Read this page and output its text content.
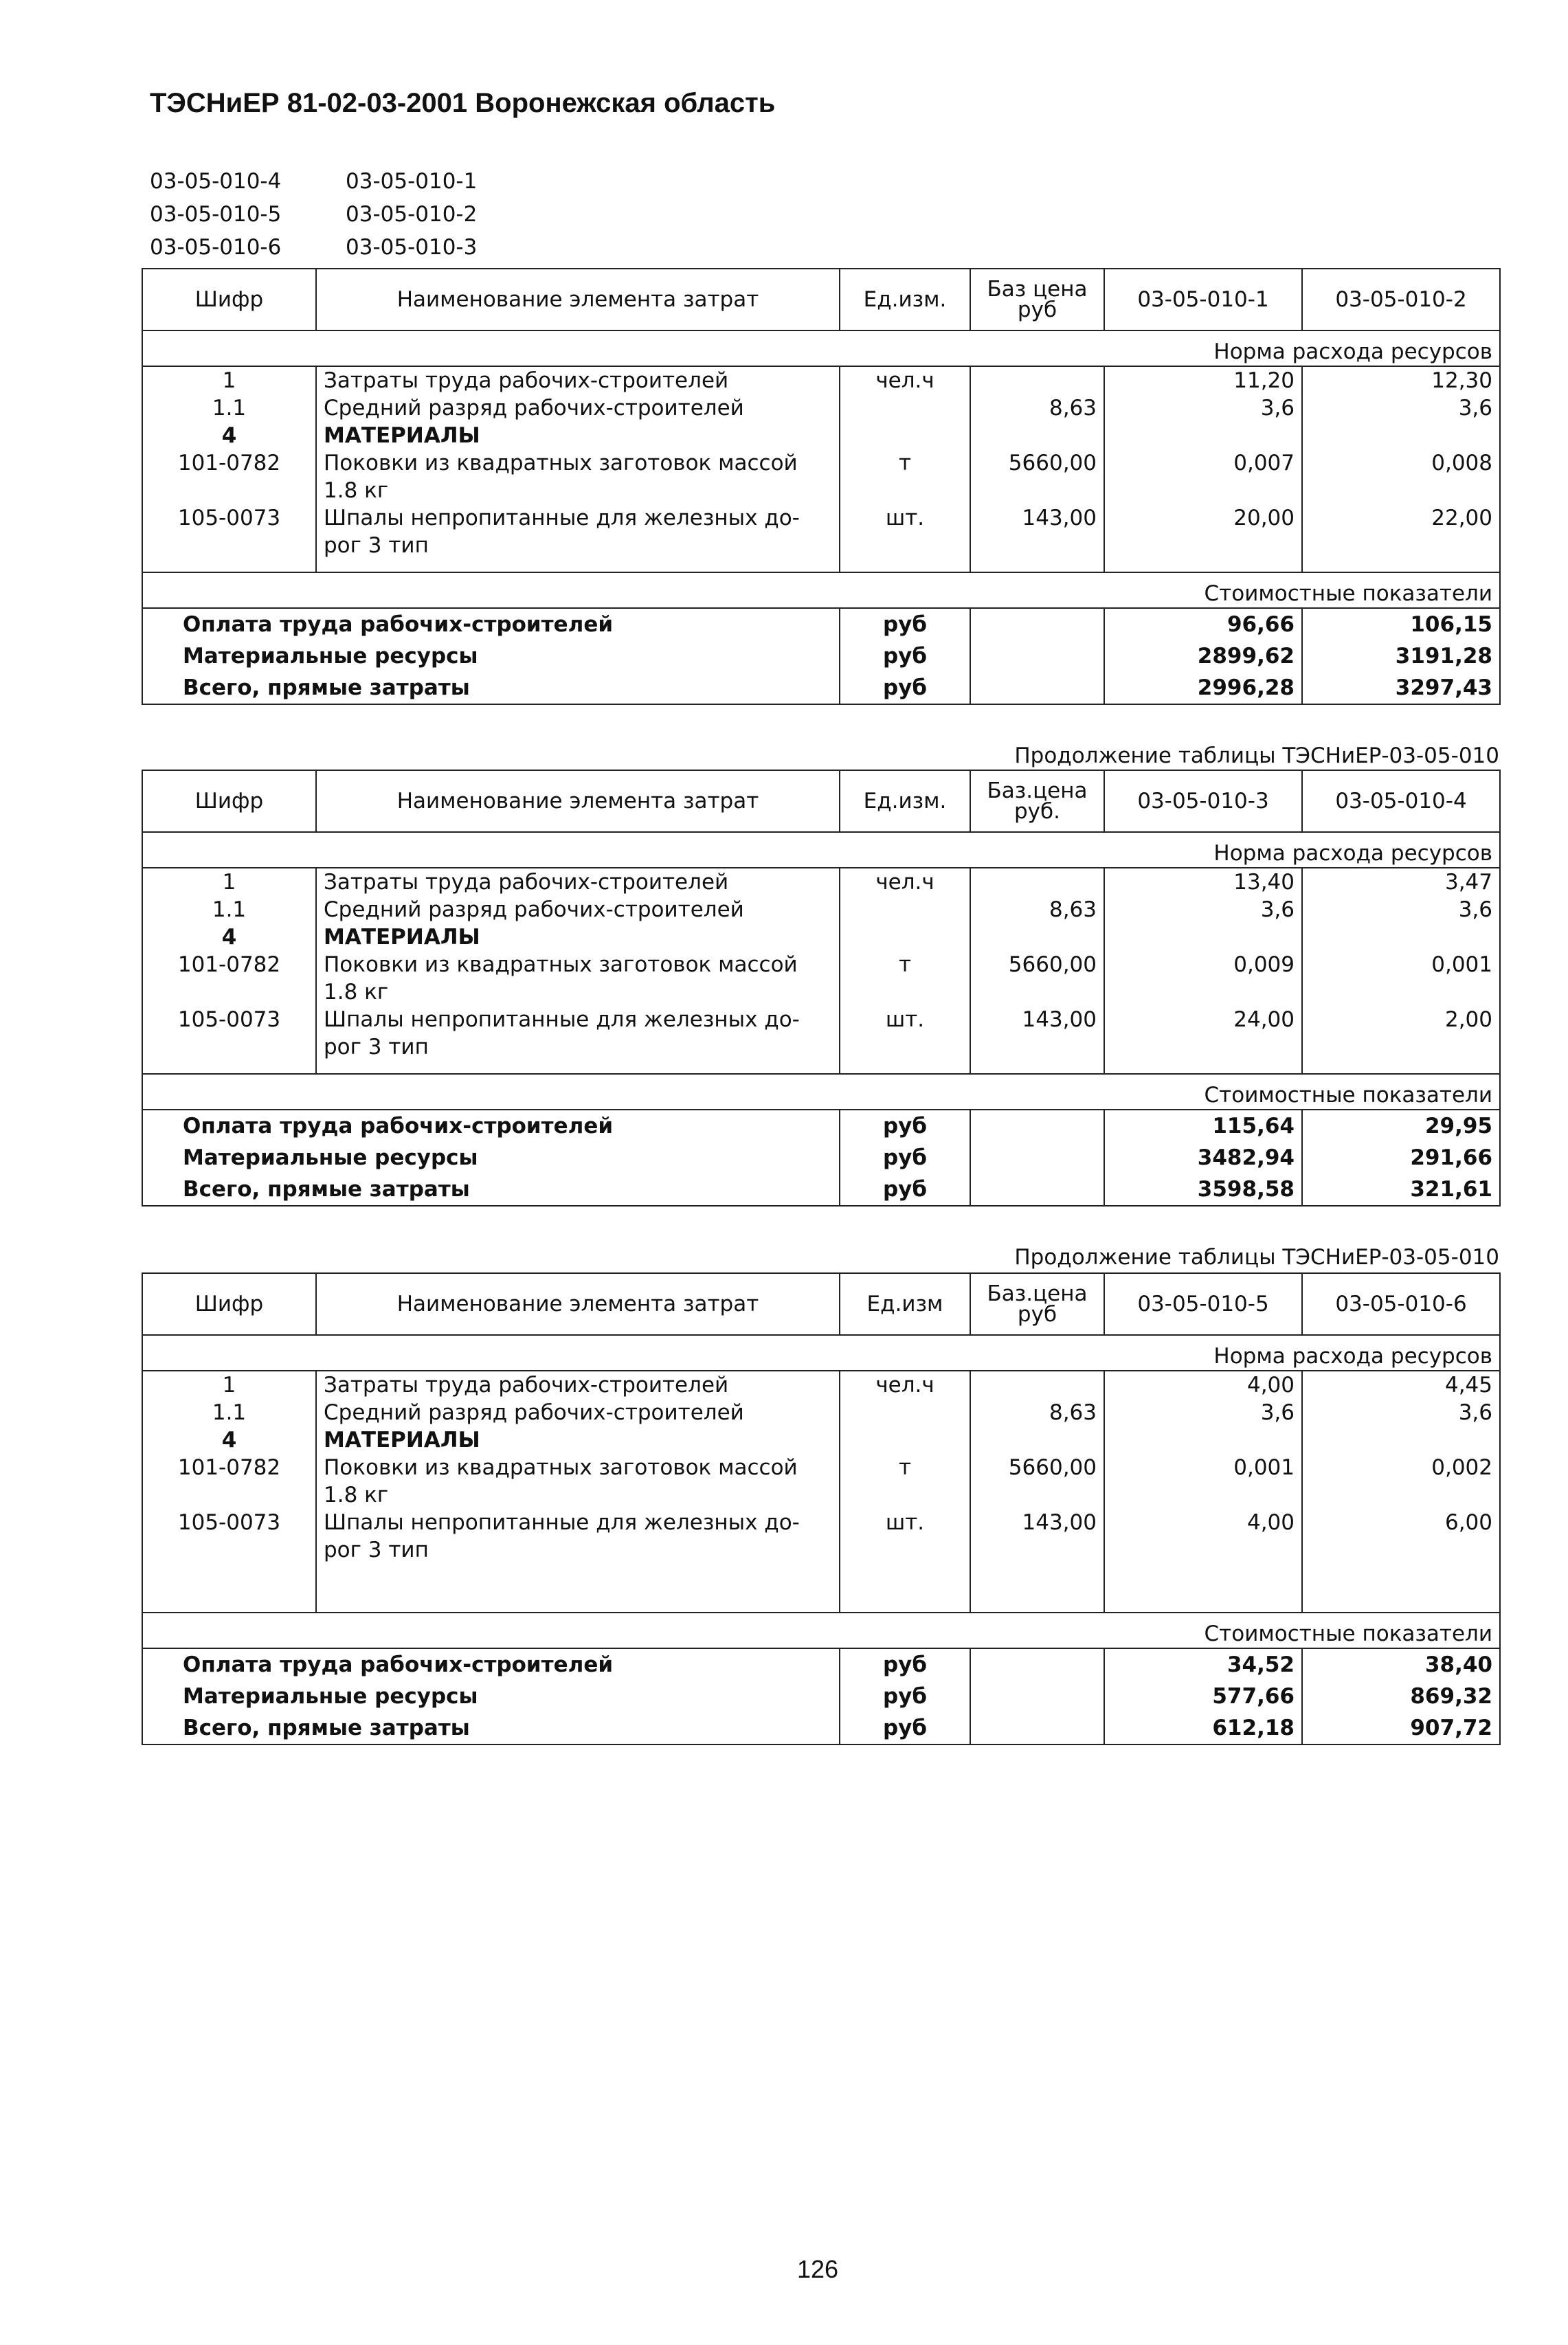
ТЭСНиЕР 81-02-03-2001 Воронежская область
03-05-010-4	03-05-010-1
03-05-010-5	03-05-010-2
03-05-010-6	03-05-010-3
Шифр	Наименование элемента затрат	Ед.изм.	Баз цена руб	03-05-010-1	03-05-010-2
Норма расхода ресурсов					
1	Затраты труда рабочих-строителей	чел.ч		11,20	12,30
1.1	Средний разряд рабочих-строителей		8,63	3,6	3,6
4	МАТЕРИАЛЫ				
101-0782	Поковки из квадратных заготовок массой 1.8 кг	т	5660,00	0,007	0,008
105-0073	Шпалы непропитанные для железных до- рог 3 тип	шт.	143,00	20,00	22,00

Стоимостные показатели					
Оплата труда рабочих-строителей		руб		96,66	106,15
Материальные ресурсы		руб		2899,62	3191,28
Всего, прямые затраты		руб		2996,28	3297,43
Шифр	Наименование элемента затрат	Ед.изм.	Баз.цена руб.	03-05-010-3	03-05-010-4
Норма расхода ресурсов					
1	Затраты труда рабочих-строителей	чел.ч		13,40	3,47
1.1	Средний разряд рабочих-строителей		8,63	3,6	3,6
4	МАТЕРИАЛЫ				
101-0782	Поковки из квадратных заготовок массой 1.8 кг	т	5660,00	0,009	0,001
105-0073	Шпалы непропитанные для железных до- рог 3 тип	шт.	143,00	24,00	2,00

Стоимостные показатели					
Оплата труда рабочих-строителей		руб		115,64	29,95
Материальные ресурсы		руб		3482,94	291,66
Всего, прямые затраты		руб		3598,58	321,61
Шифр	Наименование элемента затрат	Ед.изм	Баз.цена руб	03-05-010-5	03-05-010-6
Норма расхода ресурсов					
1	Затраты труда рабочих-строителей	чел.ч		4,00	4,45
1.1	Средний разряд рабочих-строителей		8,63	3,6	3,6
4	МАТЕРИАЛЫ				
101-0782	Поковки из квадратных заготовок массой 1.8 кг	т	5660,00	0,001	0,002
105-0073	Шпалы непропитанные для железных до- рог 3 тип	шт.	143,00	4,00	6,00

Стоимостные показатели					
Оплата труда рабочих-строителей		руб		34,52	38,40
Материальные ресурсы		руб		577,66	869,32
Всего, прямые затраты		руб		612,18	907,72
Продолжение таблицы ТЭСНиЕР-03-05-010
Продолжение таблицы ТЭСНиЕР-03-05-010
126
